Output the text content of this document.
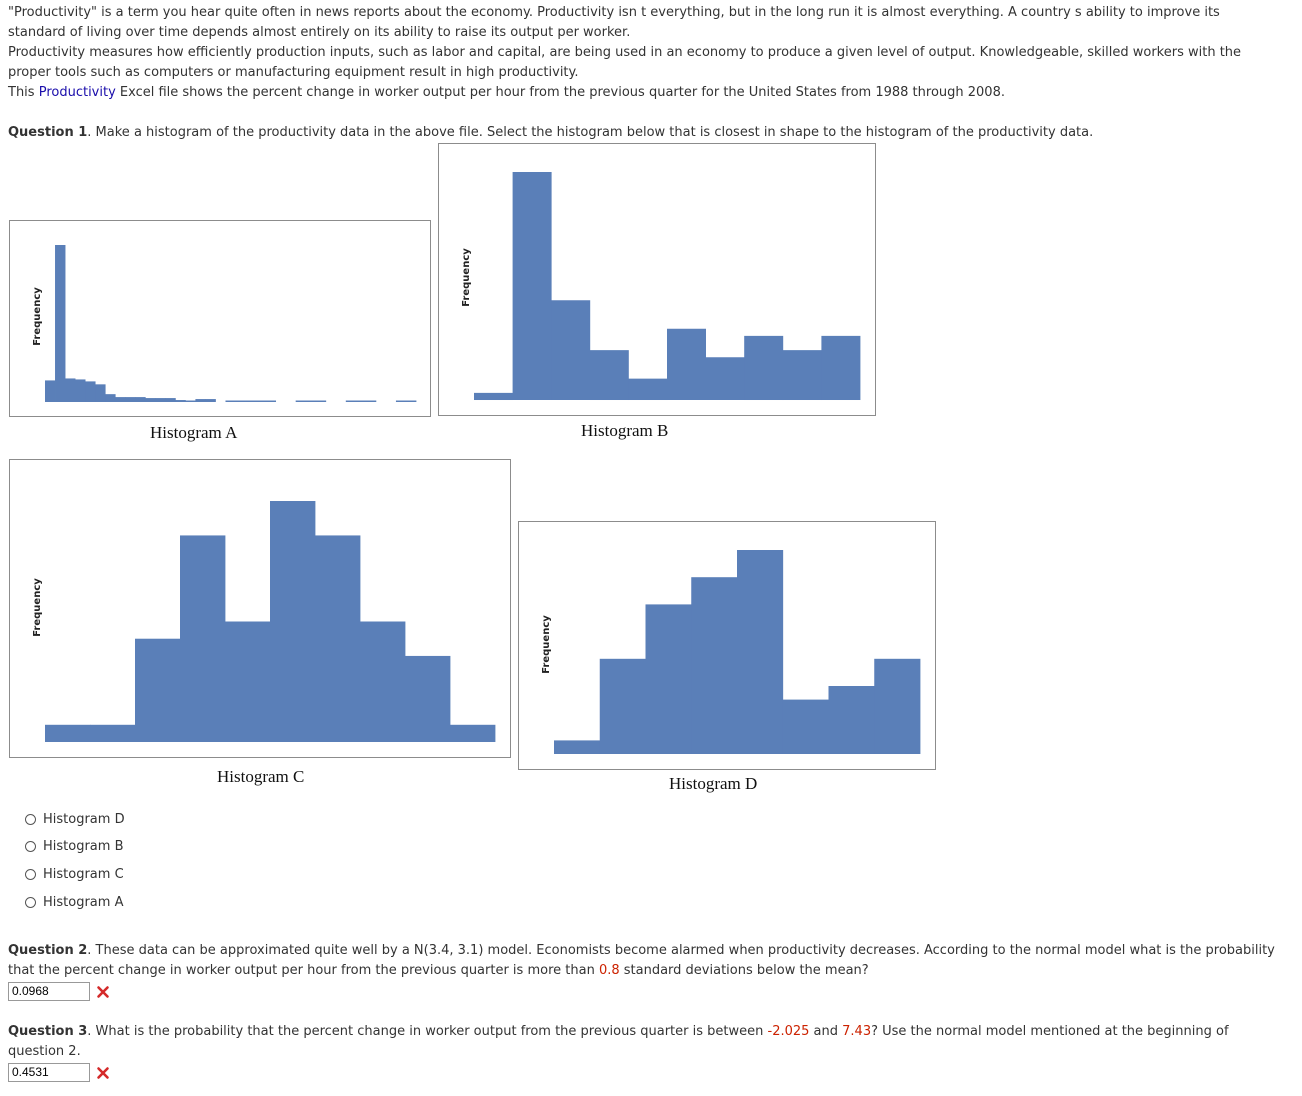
"Productivity" is a term you hear quite often in news reports about the economy. Productivity isn t everything, but in the long run it is almost everything. A country s ability to improve its standard of living over time depends almost entirely on its ability to raise its output per worker.

Productivity measures how efficiently production inputs, such as labor and capital, are being used in an economy to produce a given level of output. Knowledgeable, skilled workers with the proper tools such as computers or manufacturing equipment result in high productivity.

This Productivity Excel file shows the percent change in worker output per hour from the previous quarter for the United States from 1988 through 2008.

Question 1. Make a histogram of the productivity data in the above file. Select the histogram below that is closest in shape to the histogram of the productivity data.

Frequency
Histogram A
Frequency
Histogram B
Frequency
Histogram C
Frequency
Histogram D
Histogram D
Histogram B
Histogram C
Histogram A

Question 2. These data can be approximated quite well by a N(3.4, 3.1) model. Economists become alarmed when productivity decreases. According to the normal model what is the probability that the percent change in worker output per hour from the previous quarter is more than 0.8 standard deviations below the mean?

0.0968

Question 3. What is the probability that the percent change in worker output from the previous quarter is between -2.025 and 7.43? Use the normal model mentioned at the beginning of question 2.

0.4531
